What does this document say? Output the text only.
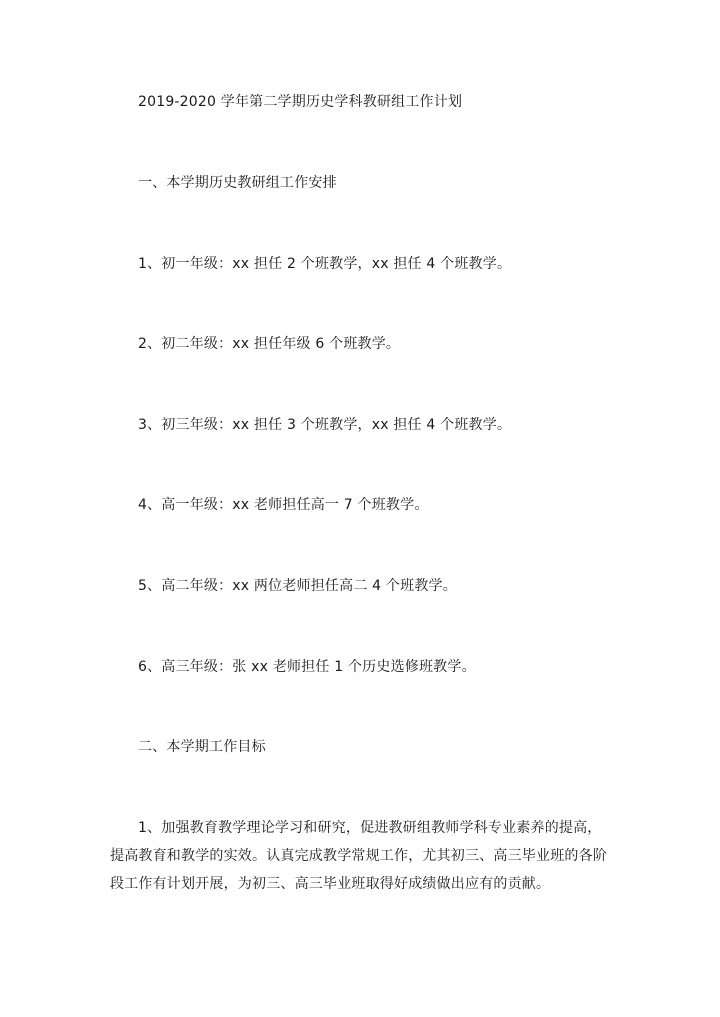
2019-2020 学年第二学期历史学科教研组工作计划
一、本学期历史教研组工作安排
1、初一年级：xx 担任 2 个班教学，xx 担任 4 个班教学。
2、初二年级：xx 担任年级 6 个班教学。
3、初三年级：xx 担任 3 个班教学，xx 担任 4 个班教学。
4、高一年级：xx 老师担任高一 7 个班教学。
5、高二年级：xx 两位老师担任高二 4 个班教学。
6、高三年级：张 xx 老师担任 1 个历史选修班教学。
二、本学期工作目标
1、加强教育教学理论学习和研究，促进教研组教师学科专业素养的提高，
提高教育和教学的实效。认真完成教学常规工作，尤其初三、高三毕业班的各阶
段工作有计划开展，为初三、高三毕业班取得好成绩做出应有的贡献。
